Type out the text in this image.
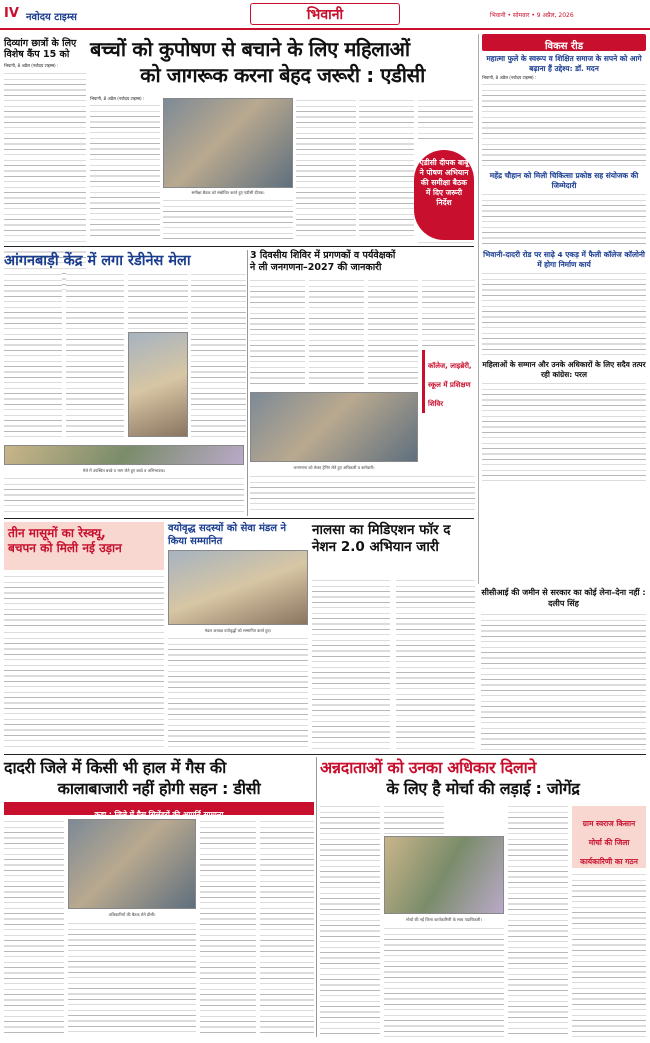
IV नवोदय टाइम्स	भिवानी	भिवानी • सोमवार • 9 अप्रैल, 2026
दिव्यांग छात्रों के लिए विशेष कैंप 15 को
भिवानी, 8 अप्रैल (नवोदय टाइम्स) :
बच्चों को कुपोषण से बचाने के लिए महिलाओं
को जागरूक करना बेहद जरूरी : एडीसी
भिवानी, 8 अप्रैल (नवोदय टाइम्स) :
समीक्षा बैठक को संबोधित करते हुए एडीसी दीपक।
एडीसी दीपक बाबू ने पोषण अभियान की समीक्षा बैठक में दिए जरूरी निर्देश
विकस रीड
महात्मा फुले के स्वरूप व शिक्षित समाज के सपने को आगे बढ़ाना हैं उद्देश्य: डॉ. मदन
भिवानी, 8 अप्रैल (नवोदय टाइम्स) :
महेंद्र चौहान को मिली चिकित्सा प्रकोष्ठ सह संयोजक की जिम्मेदारी
भिवानी-दादरी रोड पर साढ़े 4 एकड़ में फैली कॉलेज कॉलोनी में होगा निर्माण कार्य
महिलाओं के सम्मान और उनके अधिकारों के लिए सदैव तत्पर रही कांग्रेस: परल
आंगनबाड़ी केंद्र में लगा रेडीनेस मेला
मेले में उपस्थित बच्चे व भाग लेते हुए बच्चे व अभिभावक।
3 दिवसीय शिविर में प्रगणकों व पर्यवेक्षकों
ने ली जनगणना–2027 की जानकारी
जनगणना को लेकर ट्रेनिंग लेते हुए अधिकारी व कर्मचारी।
कॉलेज, लाइब्रेरी, स्कूल में प्रशिक्षण शिविर
तीन मासूमों का रेस्क्यू,
बचपन को मिली नई उड़ान
वयोवृद्ध सदस्यों को सेवा मंडल ने किया सम्मानित
मंडल अध्यक्ष वयोवृद्धों को सम्मानित करते हुए।
नालसा का मिडिएशन फॉर द नेशन 2.0 अभियान जारी
सीसीआई की जमीन से सरकार का कोई लेना–देना नहीं : दलीप सिंह
दादरी जिले में किसी भी हाल में गैस की
कालाबाजारी नहीं होगी सहन : डीसी
कहा : जिले में गैस सिलेंडरों की आपूर्ति सामान्य
अधिकारियों की बैठक लेते डीसी।
अन्नदाताओं को उनका अधिकार दिलाने
के लिए है मोर्चा की लड़ाई : जोगेंद्र
मोर्चा की नई जिला कार्यकारिणी के साथ पदाधिकारी।
ग्राम स्वराज किसान मोर्चा की जिला कार्यकारिणी का गठन
